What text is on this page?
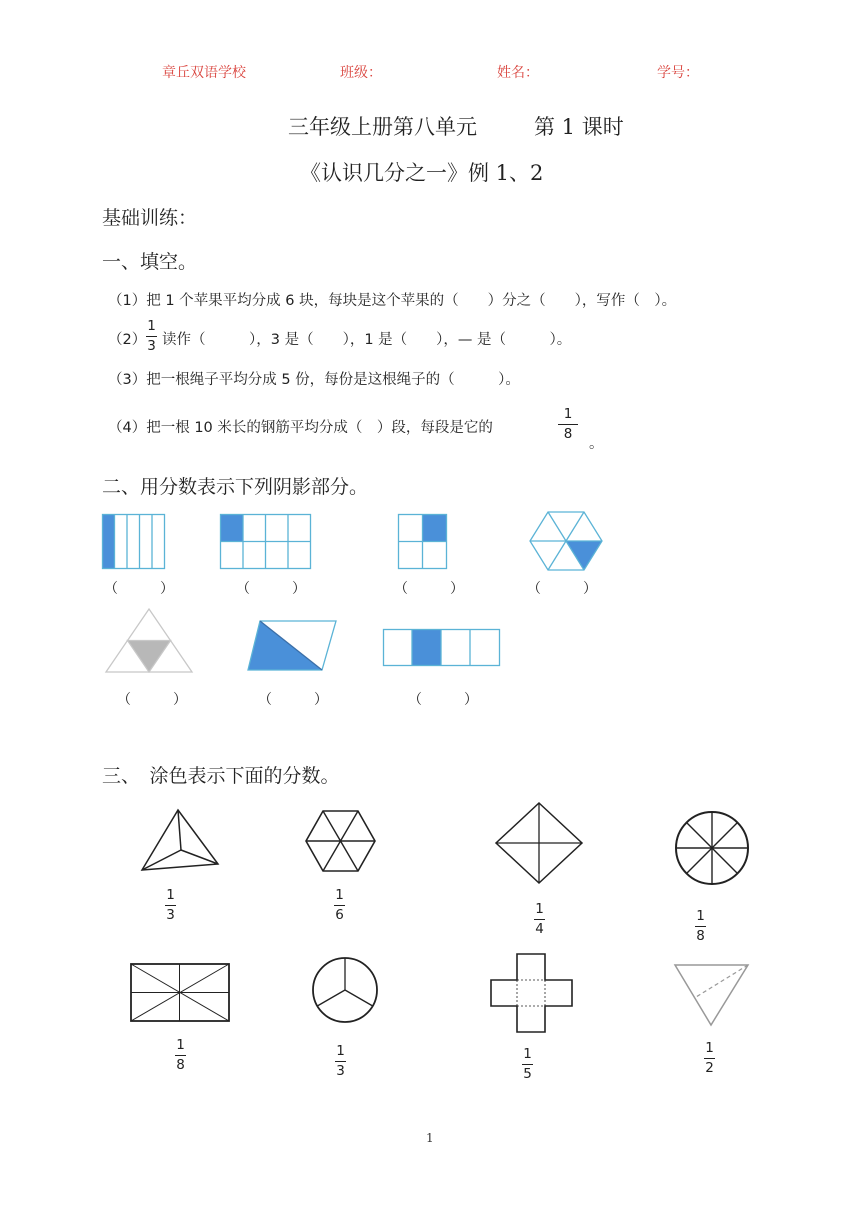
章丘双语学校	班级：	姓名：	学号：
三年级上册第八单元	第 1 课时
《认识几分之一》例 1、2
基础训练：
一、填空。
（1）把 1 个苹果平均分成 6 块，每块是这个苹果的（　　）分之（　　），写作（　）。
（2）
1
3 读作（　　　），3 是（　　），1 是（　　），— 是（　　　）。
（3）把一根绳子平均分成 5 份，每份是这根绳子的（　　　）。
（4）把一根 10 米长的钢筋平均分成（　）段，每段是它的
1
8
。
二、用分数表示下列阴影部分。
（　　　）	（　　　）	（　　　）	（　　　）
（　　　）	（　　　）	（　　　）
三、　涂色表示下面的分数。
1
3
1
6	1
4
1
8
1
8
1
3
1
5
1
2
1
